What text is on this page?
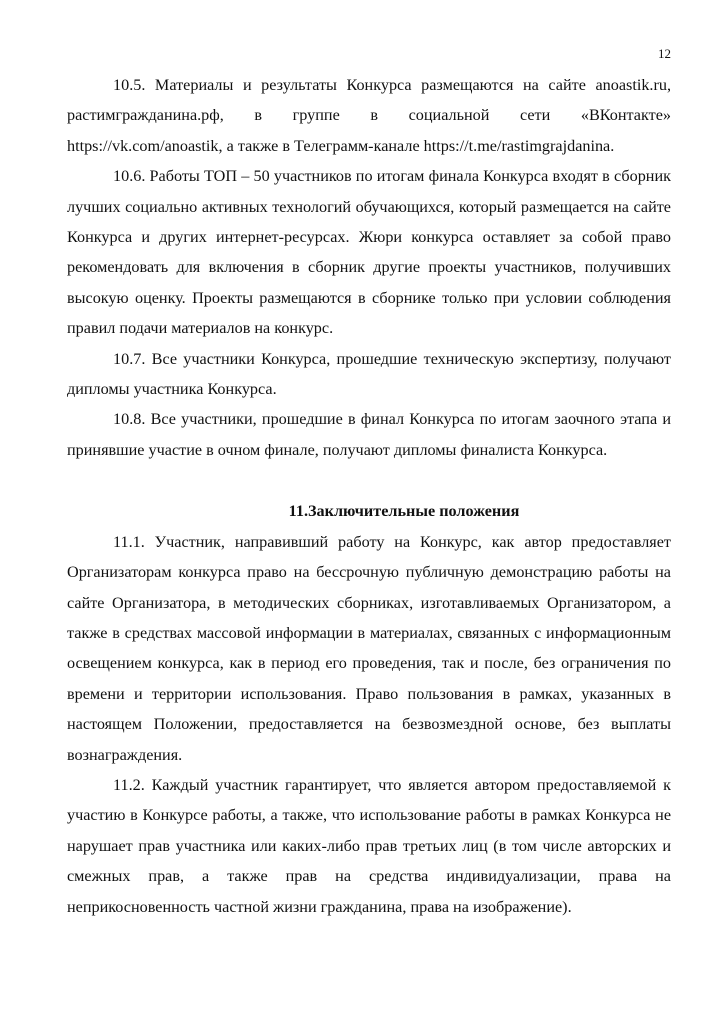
12

10.5. Материалы и результаты Конкурса размещаются на сайте anoastik.ru, растимгражданина.рф, в группе в социальной сети «ВКонтакте» https://vk.com/anoastik, а также в Телеграмм-канале https://t.me/rastimgrajdanina.

10.6. Работы ТОП – 50 участников по итогам финала Конкурса входят в сборник лучших социально активных технологий обучающихся, который размещается на сайте Конкурса и других интернет-ресурсах. Жюри конкурса оставляет за собой право рекомендовать для включения в сборник другие проекты участников, получивших высокую оценку. Проекты размещаются в сборнике только при условии соблюдения правил подачи материалов на конкурс.

10.7. Все участники Конкурса, прошедшие техническую экспертизу, получают дипломы участника Конкурса.

10.8. Все участники, прошедшие в финал Конкурса по итогам заочного этапа и принявшие участие в очном финале, получают дипломы финалиста Конкурса.

11.Заключительные положения

11.1. Участник, направивший работу на Конкурс, как автор предоставляет Организаторам конкурса право на бессрочную публичную демонстрацию работы на сайте Организатора, в методических сборниках, изготавливаемых Организатором, а также в средствах массовой информации в материалах, связанных с информационным освещением конкурса, как в период его проведения, так и после, без ограничения по времени и территории использования. Право пользования в рамках, указанных в настоящем Положении, предоставляется на безвозмездной основе, без выплаты вознаграждения.

11.2. Каждый участник гарантирует, что является автором предоставляемой к участию в Конкурсе работы, а также, что использование работы в рамках Конкурса не нарушает прав участника или каких-либо прав третьих лиц (в том числе авторских и смежных прав, а также прав на средства индивидуализации, права на неприкосновенность частной жизни гражданина, права на изображение).
